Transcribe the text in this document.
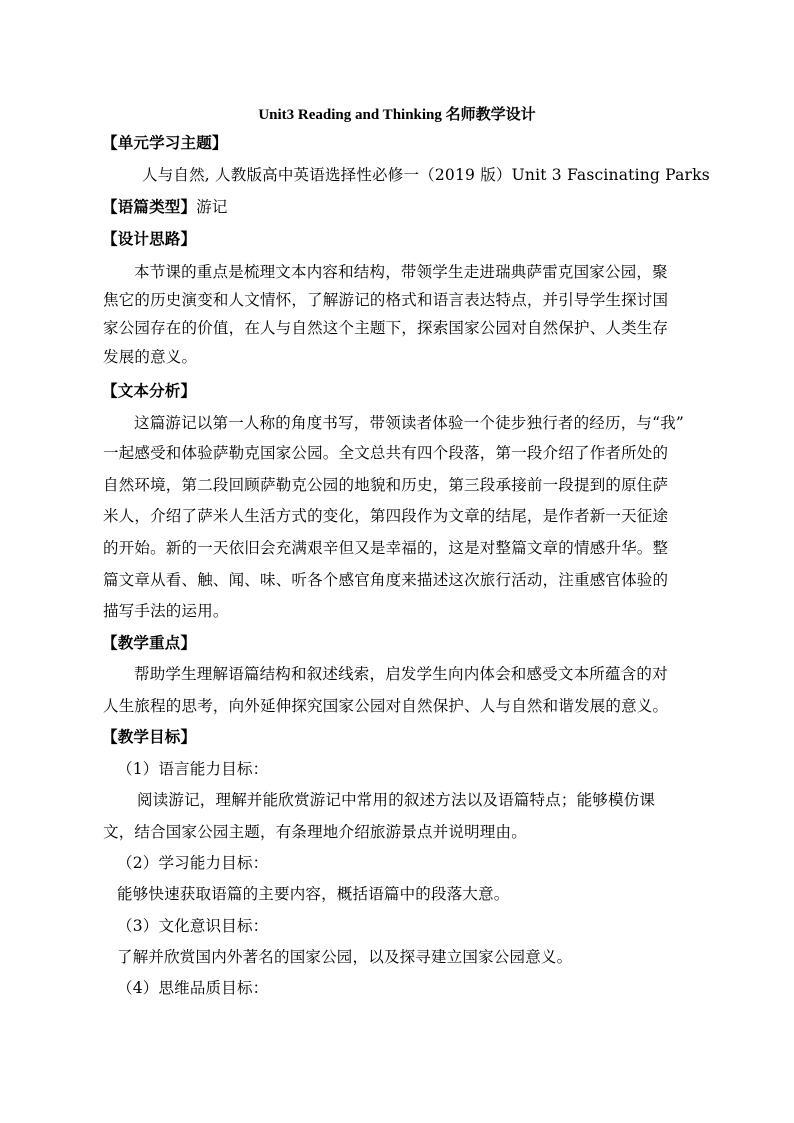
Unit3 Reading and Thinking 名师教学设计
【单元学习主题】
人与自然, 人教版高中英语选择性必修一（2019 版）Unit 3 Fascinating Parks
【语篇类型】游记
【设计思路】
本节课的重点是梳理文本内容和结构，带领学生走进瑞典萨雷克国家公园，聚
焦它的历史演变和人文情怀，了解游记的格式和语言表达特点，并引导学生探讨国
家公园存在的价值，在人与自然这个主题下，探索国家公园对自然保护、人类生存
发展的意义。
【文本分析】
这篇游记以第一人称的角度书写，带领读者体验一个徒步独行者的经历，与“我”
一起感受和体验萨勒克国家公园。全文总共有四个段落，第一段介绍了作者所处的
自然环境，第二段回顾萨勒克公园的地貌和历史，第三段承接前一段提到的原住萨
米人，介绍了萨米人生活方式的变化，第四段作为文章的结尾，是作者新一天征途
的开始。新的一天依旧会充满艰辛但又是幸福的，这是对整篇文章的情感升华。整
篇文章从看、触、闻、味、听各个感官角度来描述这次旅行活动，注重感官体验的
描写手法的运用。
【教学重点】
帮助学生理解语篇结构和叙述线索，启发学生向内体会和感受文本所蕴含的对
人生旅程的思考，向外延伸探究国家公园对自然保护、人与自然和谐发展的意义。
【教学目标】
（1）语言能力目标：
阅读游记，理解并能欣赏游记中常用的叙述方法以及语篇特点；能够模仿课
文，结合国家公园主题，有条理地介绍旅游景点并说明理由。
（2）学习能力目标：
能够快速获取语篇的主要内容，概括语篇中的段落大意。
（3）文化意识目标：
了解并欣赏国内外著名的国家公园，以及探寻建立国家公园意义。
（4）思维品质目标：
